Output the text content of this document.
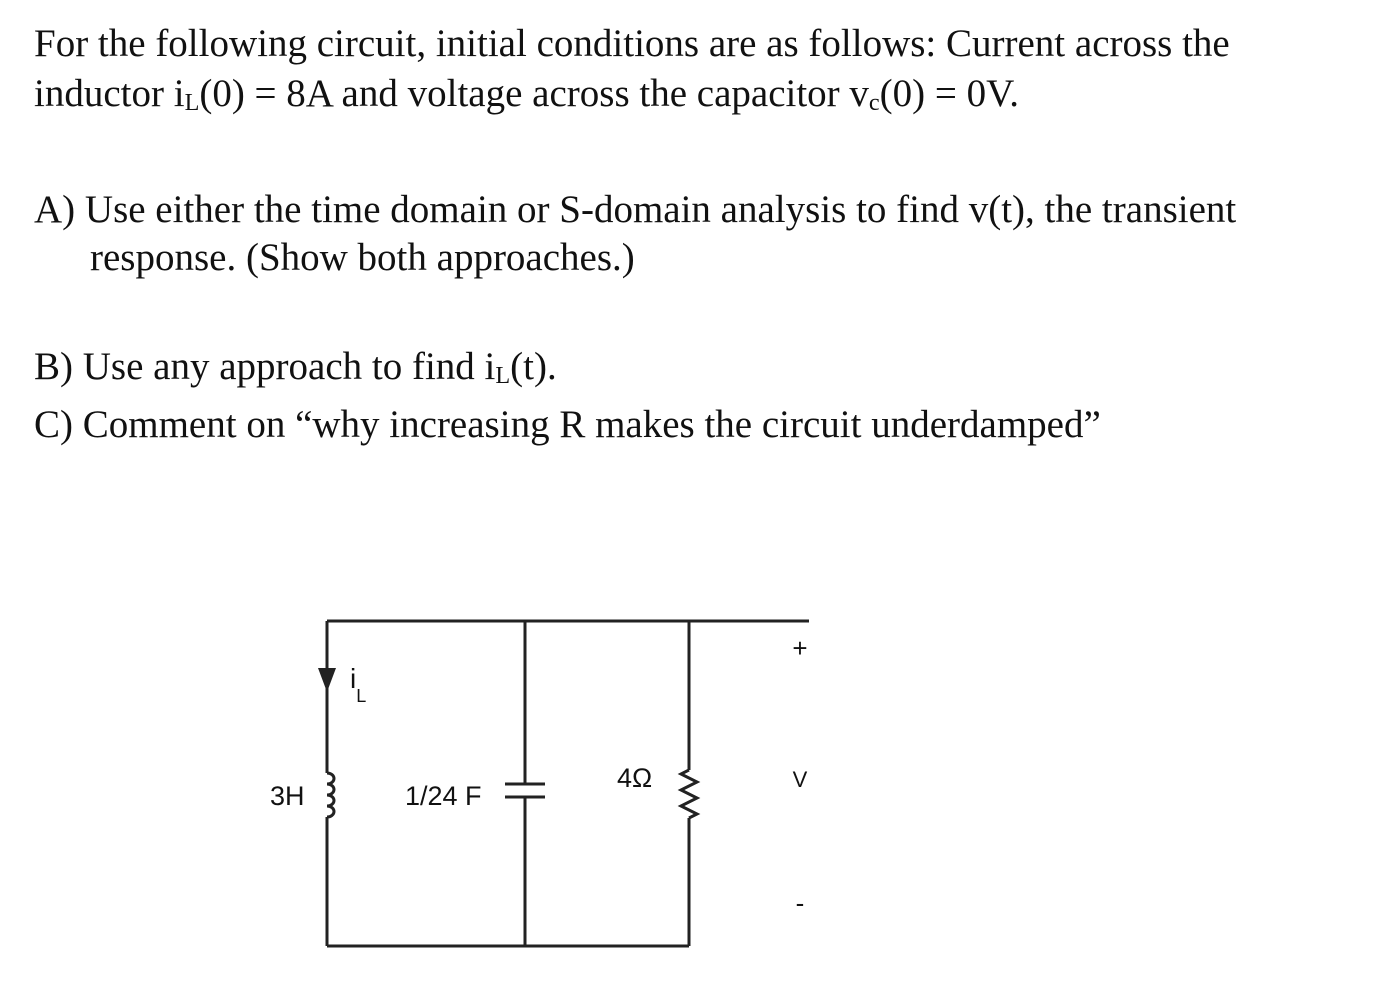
For the following circuit, initial conditions are as follows: Current across the
inductor iL(0) = 8A and voltage across the capacitor vc(0) = 0V.
A) Use either the time domain or S-domain analysis to find v(t), the transient
response. (Show both approaches.)
B) Use any approach to find iL(t).
C) Comment on “why increasing R makes the circuit underdamped”
$i_L$
3H	1/24 F
4Ω
+
V
-
